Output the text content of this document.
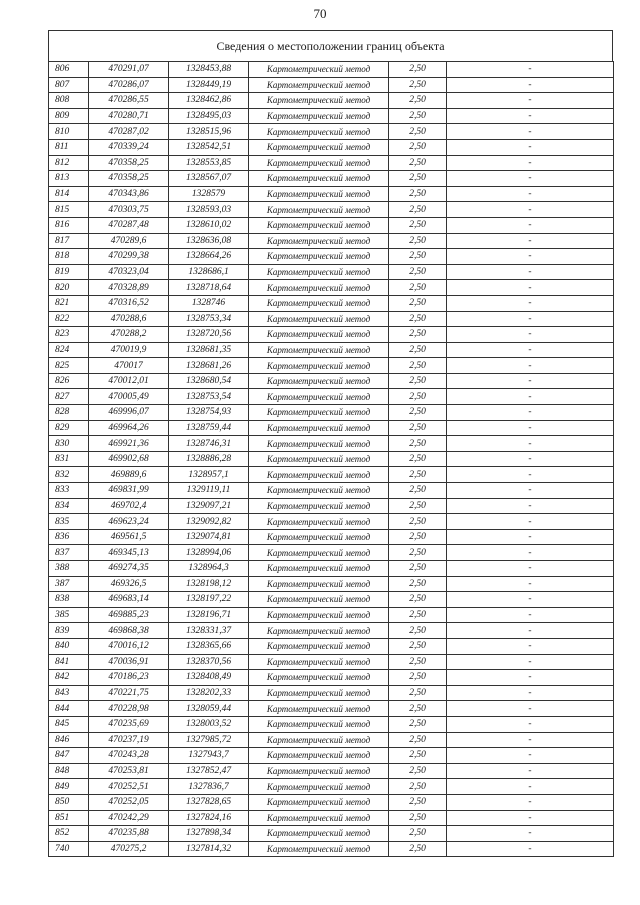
70
Сведения о местоположении границ объекта
806	470291,07	1328453,88	Картометрический метод	2,50	-
807	470286,07	1328449,19	Картометрический метод	2,50	-
808	470286,55	1328462,86	Картометрический метод	2,50	-
809	470280,71	1328495,03	Картометрический метод	2,50	-
810	470287,02	1328515,96	Картометрический метод	2,50	-
811	470339,24	1328542,51	Картометрический метод	2,50	-
812	470358,25	1328553,85	Картометрический метод	2,50	-
813	470358,25	1328567,07	Картометрический метод	2,50	-
814	470343,86	1328579	Картометрический метод	2,50	-
815	470303,75	1328593,03	Картометрический метод	2,50	-
816	470287,48	1328610,02	Картометрический метод	2,50	-
817	470289,6	1328636,08	Картометрический метод	2,50	-
818	470299,38	1328664,26	Картометрический метод	2,50	-
819	470323,04	1328686,1	Картометрический метод	2,50	-
820	470328,89	1328718,64	Картометрический метод	2,50	-
821	470316,52	1328746	Картометрический метод	2,50	-
822	470288,6	1328753,34	Картометрический метод	2,50	-
823	470288,2	1328720,56	Картометрический метод	2,50	-
824	470019,9	1328681,35	Картометрический метод	2,50	-
825	470017	1328681,26	Картометрический метод	2,50	-
826	470012,01	1328680,54	Картометрический метод	2,50	-
827	470005,49	1328753,54	Картометрический метод	2,50	-
828	469996,07	1328754,93	Картометрический метод	2,50	-
829	469964,26	1328759,44	Картометрический метод	2,50	-
830	469921,36	1328746,31	Картометрический метод	2,50	-
831	469902,68	1328886,28	Картометрический метод	2,50	-
832	469889,6	1328957,1	Картометрический метод	2,50	-
833	469831,99	1329119,11	Картометрический метод	2,50	-
834	469702,4	1329097,21	Картометрический метод	2,50	-
835	469623,24	1329092,82	Картометрический метод	2,50	-
836	469561,5	1329074,81	Картометрический метод	2,50	-
837	469345,13	1328994,06	Картометрический метод	2,50	-
388	469274,35	1328964,3	Картометрический метод	2,50	-
387	469326,5	1328198,12	Картометрический метод	2,50	-
838	469683,14	1328197,22	Картометрический метод	2,50	-
385	469885,23	1328196,71	Картометрический метод	2,50	-
839	469868,38	1328331,37	Картометрический метод	2,50	-
840	470016,12	1328365,66	Картометрический метод	2,50	-
841	470036,91	1328370,56	Картометрический метод	2,50	-
842	470186,23	1328408,49	Картометрический метод	2,50	-
843	470221,75	1328202,33	Картометрический метод	2,50	-
844	470228,98	1328059,44	Картометрический метод	2,50	-
845	470235,69	1328003,52	Картометрический метод	2,50	-
846	470237,19	1327985,72	Картометрический метод	2,50	-
847	470243,28	1327943,7	Картометрический метод	2,50	-
848	470253,81	1327852,47	Картометрический метод	2,50	-
849	470252,51	1327836,7	Картометрический метод	2,50	-
850	470252,05	1327828,65	Картометрический метод	2,50	-
851	470242,29	1327824,16	Картометрический метод	2,50	-
852	470235,88	1327898,34	Картометрический метод	2,50	-
740	470275,2	1327814,32	Картометрический метод	2,50	-
